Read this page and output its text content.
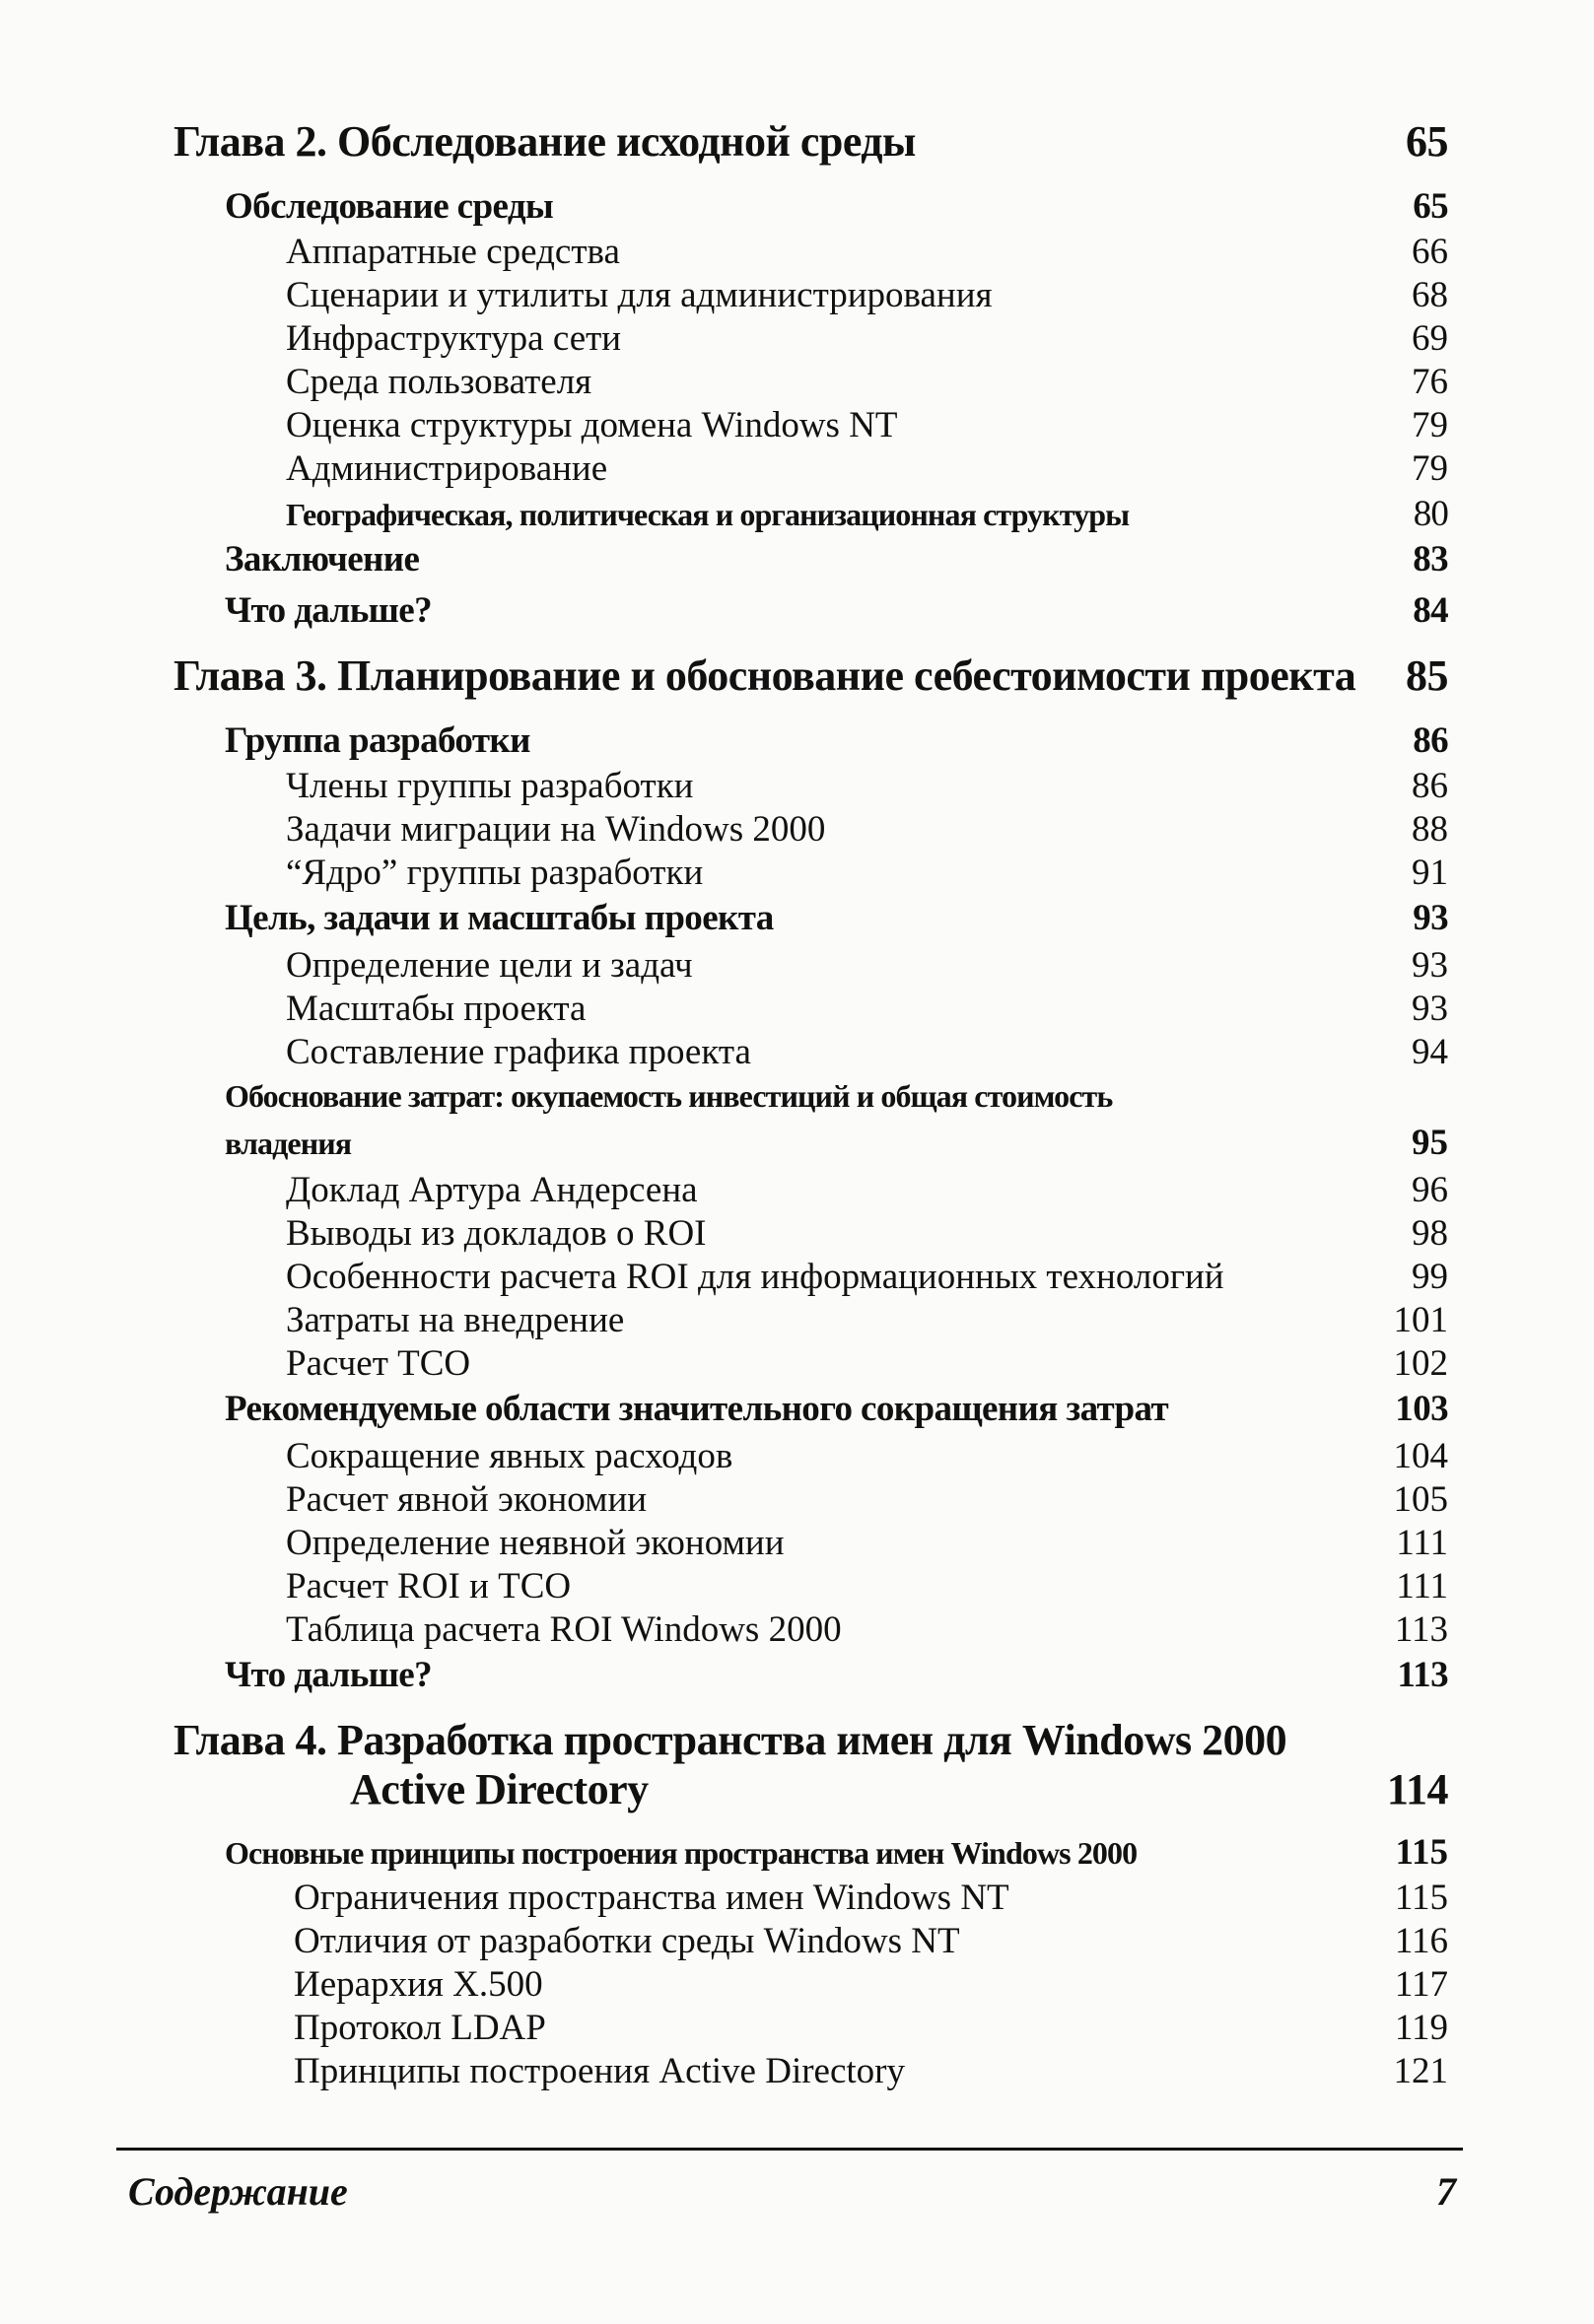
Глава 2. Обследование исходной среды	65
Обследование среды	65
Аппаратные средства	66
Сценарии и утилиты для администрирования	68
Инфраструктура сети	69
Среда пользователя	76
Оценка структуры домена Windows NT	79
Администрирование	79
Географическая, политическая и организационная структуры	80
Заключение	83
Что дальше?	84
Глава 3. Планирование и обоснование себестоимости проекта 85
Группа разработки	86
Члены группы разработки	86
Задачи миграции на Windows 2000	88
“Ядро” группы разработки	91
Цель, задачи и масштабы проекта	93
Определение цели и задач	93
Масштабы проекта	93
Составление графика проекта	94
Обоснование затрат: окупаемость инвестиций и общая стоимость
владения	95
Доклад Артура Андерсена	96
Выводы из докладов о ROI	98
Особенности расчета ROI для информационных технологий	99
Затраты на внедрение	101
Расчет TCO	102
Рекомендуемые области значительного сокращения затрат	103
Сокращение явных расходов	104
Расчет явной экономии	105
Определение неявной экономии	111
Расчет ROI и TCO	111
Таблица расчета ROI Windows 2000	113
Что дальше?	113
Глава 4. Разработка пространства имен для Windows 2000
Active Directory	114
Основные принципы построения пространства имен Windows 2000	115
Ограничения пространства имен Windows NT	115
Отличия от разработки среды Windows NT	116
Иерархия X.500	117
Протокол LDAP	119
Принципы построения Active Directory	121
Содержание	7
